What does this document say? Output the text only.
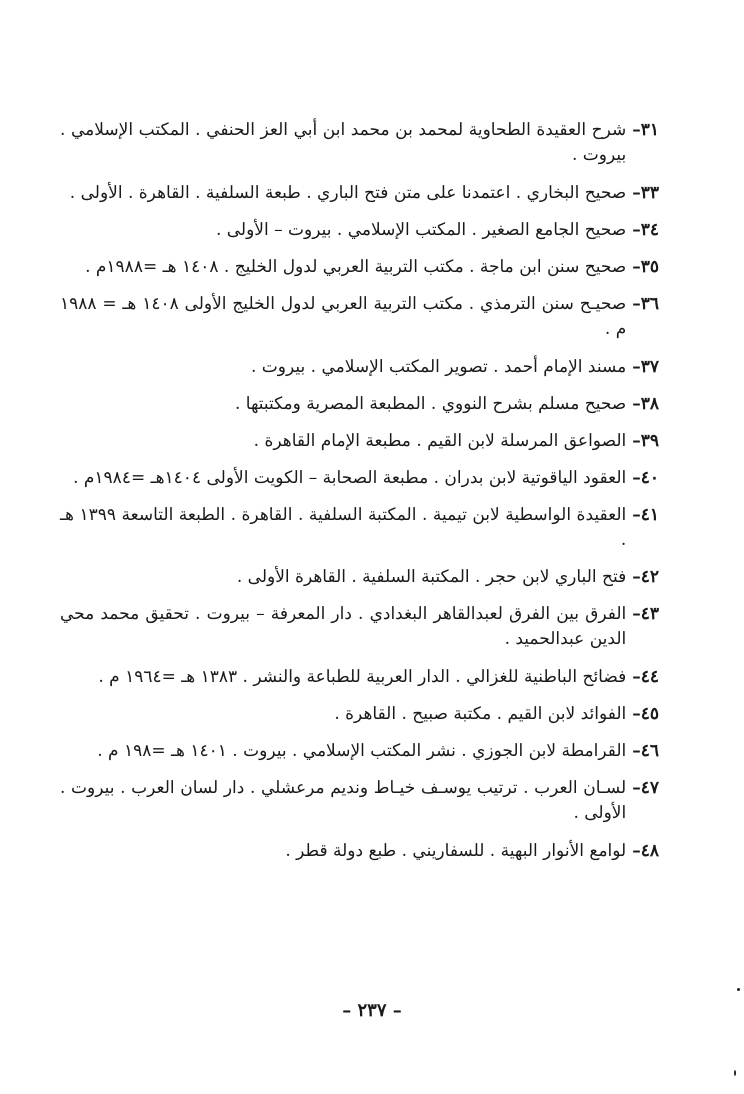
٣١–
شرح العقيدة الطحاوية لمحمد بن محمد ابن أبي العز الحنفي . المكتب الإسلامي . بيروت .
٣٣–
صحيح البخاري . اعتمدنا على متن فتح الباري . طبعة السلفية . القاهرة . الأولى .
٣٤–
صحيح الجامع الصغير . المكتب الإسلامي . بيروت – الأولى .
٣٥–
صحيح سنن ابن ماجة . مكتب التربية العربي لدول الخليج . ١٤٠٨ هـ =١٩٨٨م .
٣٦–
صحيـح سنن الترمذي . مكتب التربية العربي لدول الخليج الأولى ١٤٠٨ هـ = ١٩٨٨ م .
٣٧–
مسند الإمام أحمد . تصوير المكتب الإسلامي . بيروت .
٣٨–
صحيح مسلم بشرح النووي . المطبعة المصرية ومكتبتها .
٣٩–
الصواعق المرسلة لابن القيم . مطبعة الإمام القاهرة .
٤٠–
العقود الياقوتية لابن بدران . مطبعة الصحابة – الكويت الأولى ١٤٠٤هـ =١٩٨٤م .
٤١–
العقيدة الواسطية لابن تيمية . المكتبة السلفية . القاهرة . الطبعة التاسعة ١٣٩٩ هـ .
٤٢–
فتح الباري لابن حجر . المكتبة السلفية . القاهرة الأولى .
٤٣–
الفرق بين الفرق لعبدالقاهر البغدادي . دار المعرفة – بيروت . تحقيق محمد محي الدين عبدالحميد .
٤٤–
فضائح الباطنية للغزالي . الدار العربية للطباعة والنشر . ١٣٨٣ هـ =١٩٦٤ م .
٤٥–
الفوائد لابن القيم . مكتبة صبيح . القاهرة .
٤٦–
القرامطة لابن الجوزي . نشر المكتب الإسلامي . بيروت . ١٤٠١ هـ =١٩٨ م .
٤٧–
لسـان العرب . ترتيب يوسـف خيـاط ونديم مرعشلي . دار لسان العرب . بيروت . الأولى .
٤٨–
لوامع الأنوار البهية . للسفاريني . طبع دولة قطر .
– ٢٣٧ –
